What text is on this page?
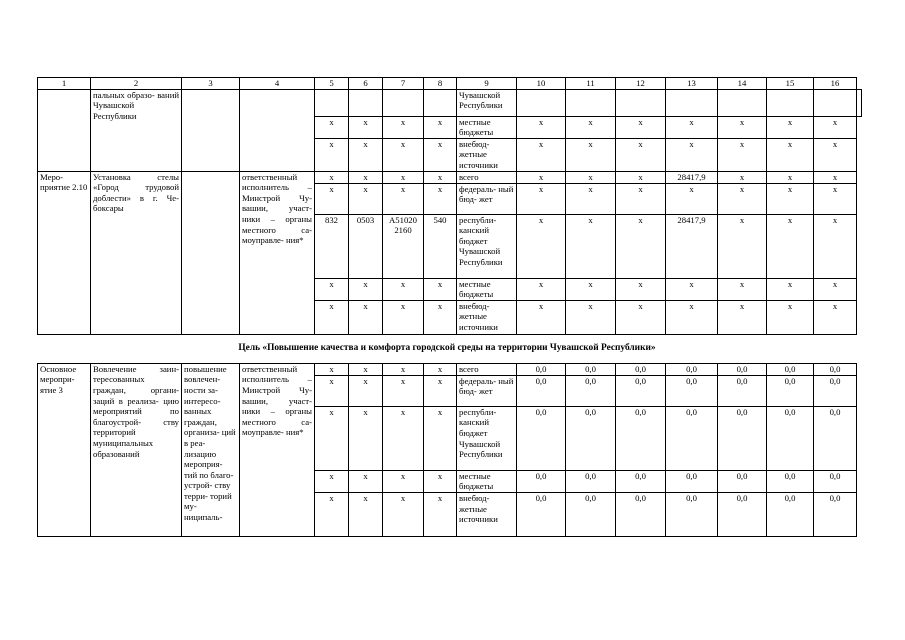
1	2	3	4	5	6	7	8	9	10	11	12	13	14	15	16	
	пальных образо- ваний Чувашской Республики							Чувашской Республики								
				x	x	x	x	местные бюджеты	x	x	x	x	x	x	x	
				x	x	x	x	внебюд- жетные источники	x	x	x	x	x	x	x	
Меро- приятие 2.10	Установка стелы «Город трудовой доблести» в г. Че- боксары		ответственный исполнитель – Минстрой Чу- вашии, участ- ники – органы местного са- моуправле- ния*	x	x	x	x	всего	x	x	x	28417,9	x	x	x	
				x	x	x	x	федераль- ный бюд- жет	x	x	x	x	x	x	x	
				832	0503	А51020 2160	540	республи- канский бюджет Чувашской Республики	x	x	x	28417,9	x	x	x	
				x	x	x	x	местные бюджеты	x	x	x	x	x	x	x	
				x	x	x	x	внебюд- жетные источники	x	x	x	x	x	x	x	
Цель «Повышение качества и комфорта городской среды на территории Чувашской Республики»																
Основное меропри- ятие 3	Вовлечение заин- тересованных граждан, органи- заций в реализа- цию мероприятий по благоустрой- ству территорий муниципальных образований	повышение вовлечен- ности за- интересо- ванных граждан, организа- ций в реа- лизацию мероприя- тий по благо- устрой- ству терри- торий му- ниципаль-	ответственный исполнитель – Минстрой Чу- вашии, участ- ники – органы местного са- моуправле- ния*	x	x	x	x	всего	0,0	0,0	0,0	0,0	0,0	0,0	0,0	
				x	x	x	x	федераль- ный бюд- жет	0,0	0,0	0,0	0,0	0,0	0,0	0,0	
				x	x	x	x	республи- канский бюджет Чувашской Республики	0,0	0,0	0,0	0,0	0,0	0,0	0,0	
				x	x	x	x	местные бюджеты	0,0	0,0	0,0	0,0	0,0	0,0	0,0	
				x	x	x	x	внебюд- жетные источники	0,0	0,0	0,0	0,0	0,0	0,0	0,0	
